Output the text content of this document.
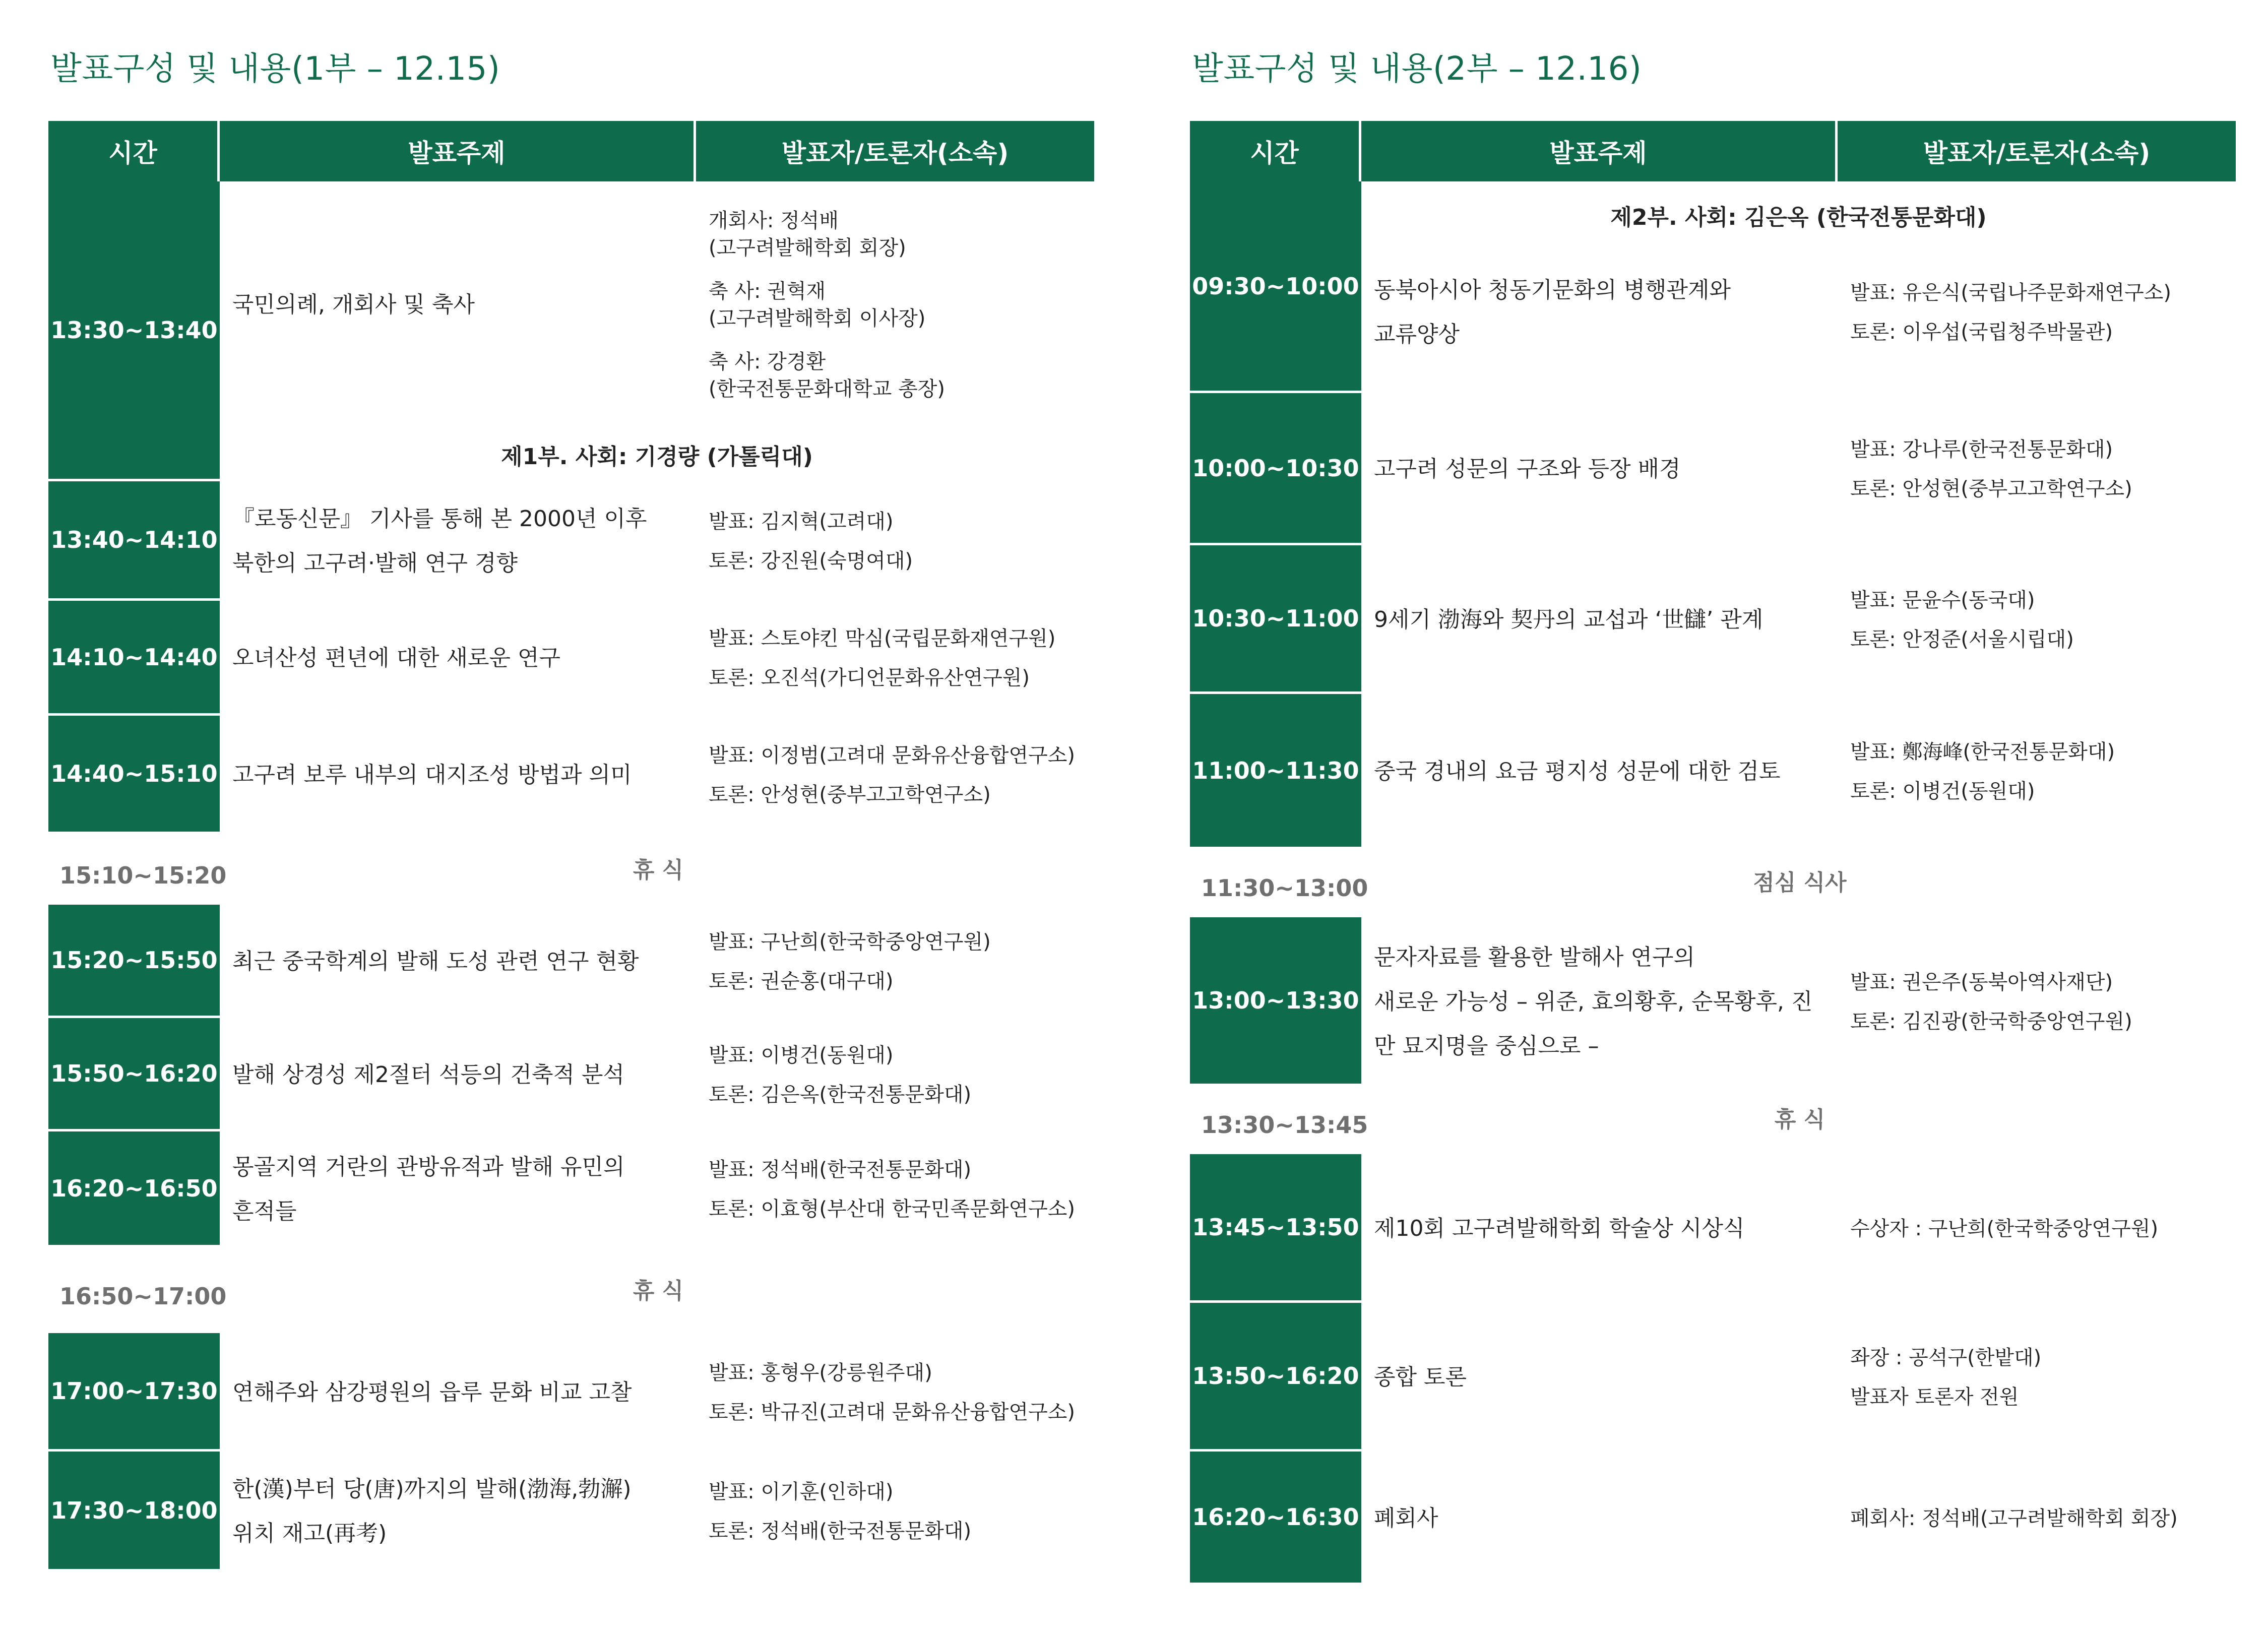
발표구성 및 내용(1부 – 12.15)
시간	발표주제	발표자/토론자(소속)
13:30~13:40
국민의례, 개회사 및 축사
개회사: 정석배
(고구려발해학회 회장)
축 사: 권혁재
(고구려발해학회 이사장)
축 사: 강경환
(한국전통문화대학교 총장)
제1부. 사회: 기경량 (가톨릭대)
13:40~14:10
『로동신문』 기사를 통해 본 2000년 이후
북한의 고구려·발해 연구 경향
발표: 김지혁(고려대)
토론: 강진원(숙명여대)
14:10~14:40 오녀산성 편년에 대한 새로운 연구
발표: 스토야킨 막심(국립문화재연구원)
토론: 오진석(가디언문화유산연구원)
14:40~15:10 고구려 보루 내부의 대지조성 방법과 의미
발표: 이정범(고려대 문화유산융합연구소)
토론: 안성현(중부고고학연구소)
15:10~15:20	휴 식
15:20~15:50 최근 중국학계의 발해 도성 관련 연구 현황
발표: 구난희(한국학중앙연구원)
토론: 권순홍(대구대)
15:50~16:20 발해 상경성 제2절터 석등의 건축적 분석
발표: 이병건(동원대)
토론: 김은옥(한국전통문화대)
16:20~16:50
몽골지역 거란의 관방유적과 발해 유민의
흔적들
발표: 정석배(한국전통문화대)
토론: 이효형(부산대 한국민족문화연구소)
16:50~17:00	휴 식
17:00~17:30 연해주와 삼강평원의 읍루 문화 비교 고찰
발표: 홍형우(강릉원주대)
토론: 박규진(고려대 문화유산융합연구소)
17:30~18:00
한(漢)부터 당(唐)까지의 발해(渤海,勃澥)
위치 재고(再考)
발표: 이기훈(인하대)
토론: 정석배(한국전통문화대)
발표구성 및 내용(2부 – 12.16)
시간	발표주제	발표자/토론자(소속)
09:30~10:00
제2부. 사회: 김은옥 (한국전통문화대)
동북아시아 청동기문화의 병행관계와
교류양상
발표: 유은식(국립나주문화재연구소)
토론: 이우섭(국립청주박물관)
10:00~10:30 고구려 성문의 구조와 등장 배경
발표: 강나루(한국전통문화대)
토론: 안성현(중부고고학연구소)
10:30~11:00 9세기 渤海와 契丹의 교섭과 ‘世讎’ 관계
발표: 문윤수(동국대)
토론: 안정준(서울시립대)
11:00~11:30 중국 경내의 요금 평지성 성문에 대한 검토
발표: 鄭海峰(한국전통문화대)
토론: 이병건(동원대)
11:30~13:00	점심 식사
13:00~13:30
문자자료를 활용한 발해사 연구의
새로운 가능성 – 위준, 효의황후, 순목황후, 진
만 묘지명을 중심으로 –
발표: 권은주(동북아역사재단)
토론: 김진광(한국학중앙연구원)
13:30~13:45	휴 식
13:45~13:50 제10회 고구려발해학회 학술상 시상식	수상자 : 구난희(한국학중앙연구원)
13:50~16:20 종합 토론
좌장 : 공석구(한밭대)
발표자 토론자 전원
16:20~16:30 폐회사	폐회사: 정석배(고구려발해학회 회장)
